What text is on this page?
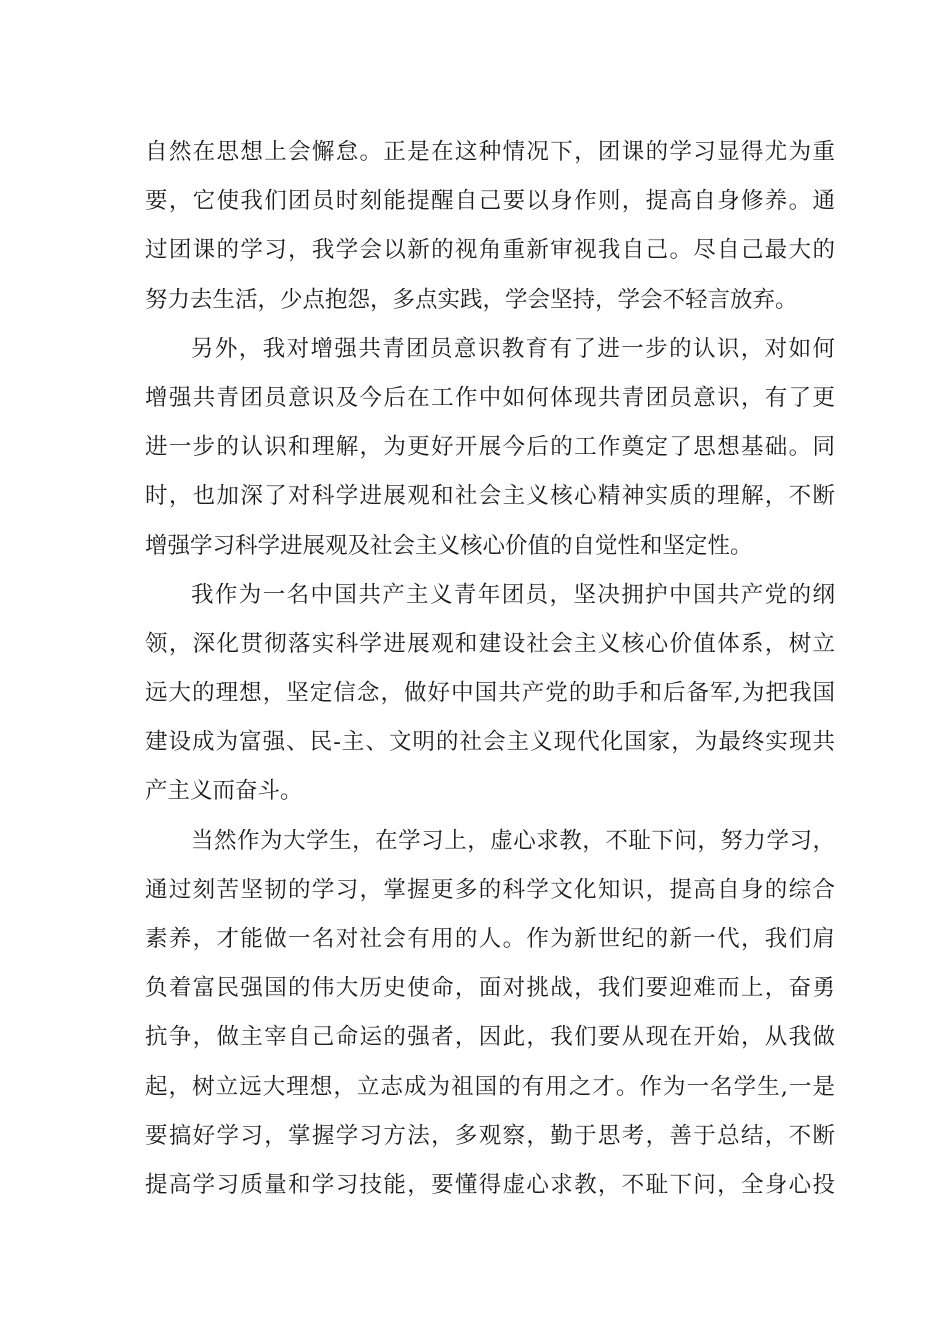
自然在思想上会懈怠。正是在这种情况下，团课的学习显得尤为重
要，它使我们团员时刻能提醒自己要以身作则，提高自身修养。通
过团课的学习，我学会以新的视角重新审视我自己。尽自己最大的
努力去生活，少点抱怨，多点实践，学会坚持，学会不轻言放弃。
另外，我对增强共青团员意识教育有了进一步的认识，对如何
增强共青团员意识及今后在工作中如何体现共青团员意识，有了更
进一步的认识和理解，为更好开展今后的工作奠定了思想基础。同
时，也加深了对科学进展观和社会主义核心精神实质的理解，不断
增强学习科学进展观及社会主义核心价值的自觉性和坚定性。
我作为一名中国共产主义青年团员，坚决拥护中国共产党的纲
领，深化贯彻落实科学进展观和建设社会主义核心价值体系，树立
远大的理想，坚定信念，做好中国共产党的助手和后备军,为把我国
建设成为富强、民-主、文明的社会主义现代化国家，为最终实现共
产主义而奋斗。
当然作为大学生，在学习上，虚心求教，不耻下问，努力学习，
通过刻苦坚韧的学习，掌握更多的科学文化知识，提高自身的综合
素养，才能做一名对社会有用的人。作为新世纪的新一代，我们肩
负着富民强国的伟大历史使命，面对挑战，我们要迎难而上，奋勇
抗争，做主宰自己命运的强者，因此，我们要从现在开始，从我做
起，树立远大理想，立志成为祖国的有用之才。作为一名学生,一是
要搞好学习，掌握学习方法，多观察，勤于思考，善于总结，不断
提高学习质量和学习技能，要懂得虚心求教，不耻下问，全身心投
